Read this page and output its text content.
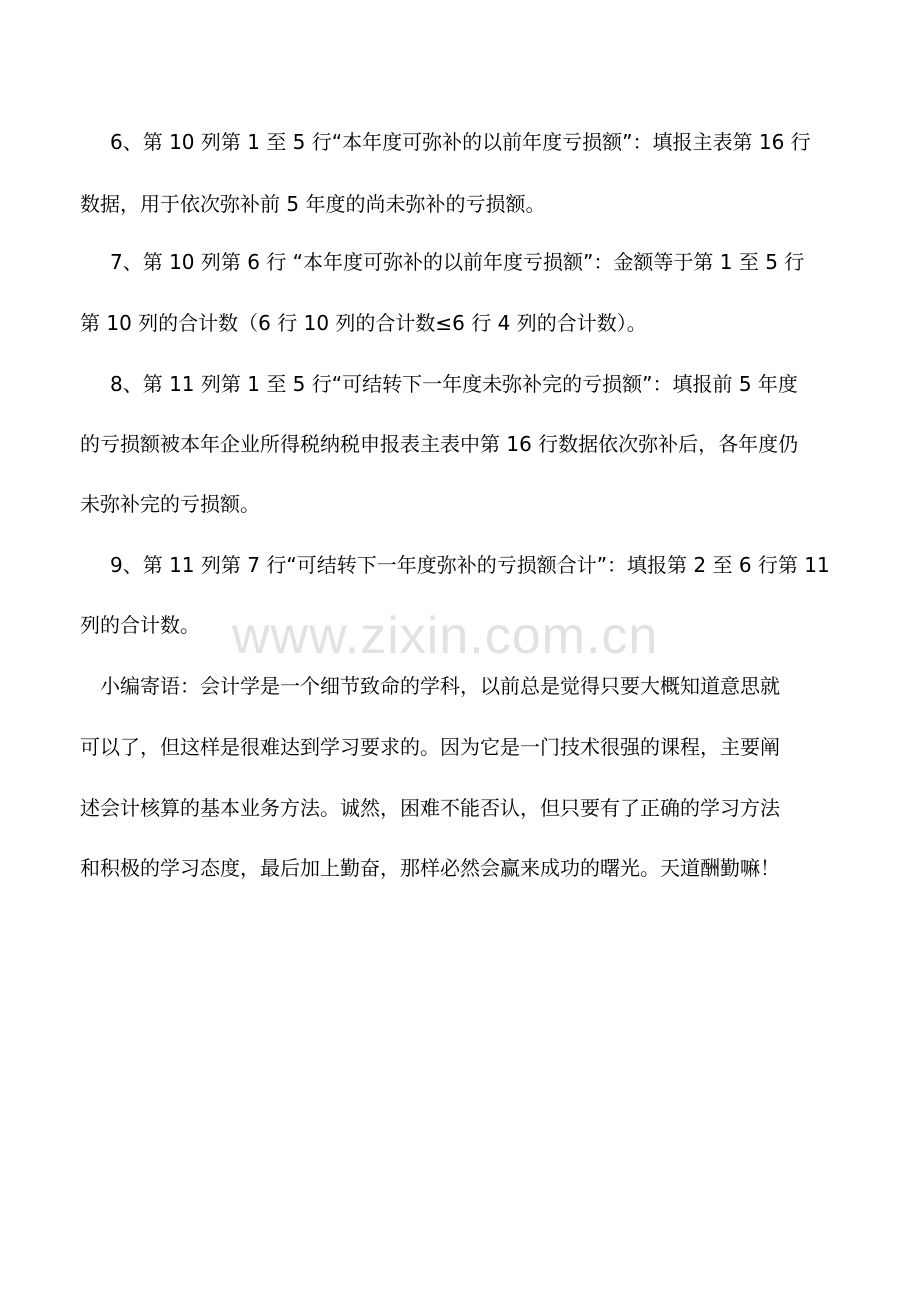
www.zixin.com.cn
6、第 10 列第 1 至 5 行“本年度可弥补的以前年度亏损额”：填报主表第 16 行
数据，用于依次弥补前 5 年度的尚未弥补的亏损额。
7、第 10 列第 6 行 “本年度可弥补的以前年度亏损额”：金额等于第 1 至 5 行
第 10 列的合计数（6 行 10 列的合计数≤6 行 4 列的合计数）。
8、第 11 列第 1 至 5 行“可结转下一年度未弥补完的亏损额”：填报前 5 年度
的亏损额被本年企业所得税纳税申报表主表中第 16 行数据依次弥补后，各年度仍
未弥补完的亏损额。
9、第 11 列第 7 行“可结转下一年度弥补的亏损额合计”：填报第 2 至 6 行第 11
列的合计数。
小编寄语：会计学是一个细节致命的学科，以前总是觉得只要大概知道意思就
可以了，但这样是很难达到学习要求的。因为它是一门技术很强的课程，主要阐
述会计核算的基本业务方法。诚然，困难不能否认，但只要有了正确的学习方法
和积极的学习态度，最后加上勤奋，那样必然会赢来成功的曙光。天道酬勤嘛！
